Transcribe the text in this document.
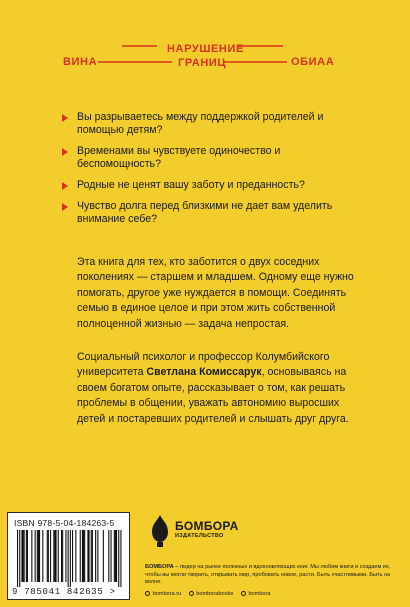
ВИНА
НАРУШЕНИЕ
ГРАНИЦ	ОБИАА
Вы разрываетесь между поддержкой родителей и помощью детям?
Временами вы чувствуете одиночество и беспомощность?
Родные не ценят вашу заботу и преданность?
Чувство долга перед близкими не дает вам уделить внимание себе?

Эта книга для тех, кто заботится о двух соседних поколениях — старшем и младшем. Одному еще нужно помогать, другое уже нуждается в помощи. Соединять семью в единое целое и при этом жить собственной полноценной жизнью — задача непростая.

Социальный психолог и профессор Колумбийского университета Светлана Комиссарук, основываясь на своем богатом опыте, рассказывает о том, как решать проблемы в общении, уважать автономию выросших детей и постаревших родителей и слышать друг друга.

ISBN 978-5-04-184263-5
9 785041 842635 >
БОМБОРА
ИЗДАТЕЛЬСТВО
БОМБОРА – лидер на рынке полезных и вдохновляющих книг. Мы любим книги и создаем их, чтобы вы могли творить, открывать мир, пробовать новое, расти. Быть счастливыми. Быть на волне.
bombora.ru	bomborabooks	bombora
